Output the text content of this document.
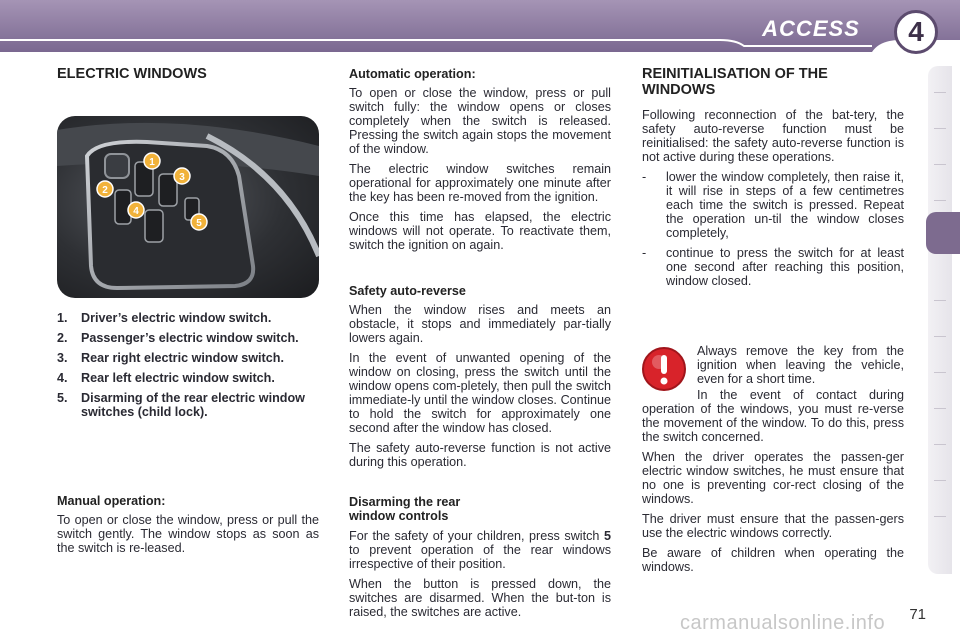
ACCESS	4
ELECTRIC WINDOWS
1
2
3
4
5
1.	Driver’s electric window switch.
2.	Passenger’s electric window switch.
3.	Rear right electric window switch.
4.	Rear left electric window switch.
5.	Disarming of the rear electric window switches (child lock).
Manual operation:

To open or close the window, press or pull the switch gently. The window stops as soon as the switch is re-leased.

Automatic operation:

To open or close the window, press or pull switch fully: the window opens or closes completely when the switch is released. Pressing the switch again stops the movement of the window.

The electric window switches remain operational for approximately one minute after the key has been re-moved from the ignition.

Once this time has elapsed, the electric windows will not operate. To reactivate them, switch the ignition on again.

Safety auto-reverse

When the window rises and meets an obstacle, it stops and immediately par-tially lowers again.

In the event of unwanted opening of the window on closing, press the switch until the window opens com-pletely, then pull the switch immediate-ly until the window closes. Continue to hold the switch for approximately one second after the window has closed.

The safety auto-reverse function is not active during this operation.

Disarming the rear
window controls

For the safety of your children, press switch 5 to prevent operation of the rear windows irrespective of their position.

When the button is pressed down, the switches are disarmed. When the but-ton is raised, the switches are active.

REINITIALISATION OF THE
WINDOWS

Following reconnection of the bat-tery, the safety auto-reverse function must be reinitialised: the safety auto-reverse function is not active during these operations.

-	lower the window completely, then raise it, it will rise in steps of a few centimetres each time the switch is pressed. Repeat the operation un-til the window closes completely,
-	continue to press the switch for at least one second after reaching this position, window closed.

Always remove the key from the ignition when leaving the vehicle, even for a short time.

In the event of contact during operation of the windows, you must re-verse the movement of the window. To do this, press the switch concerned.

When the driver operates the passen-ger electric window switches, he must ensure that no one is preventing cor-rect closing of the windows.

The driver must ensure that the passen-gers use the electric windows correctly.

Be aware of children when operating the windows.

carmanualsonline.info	71
